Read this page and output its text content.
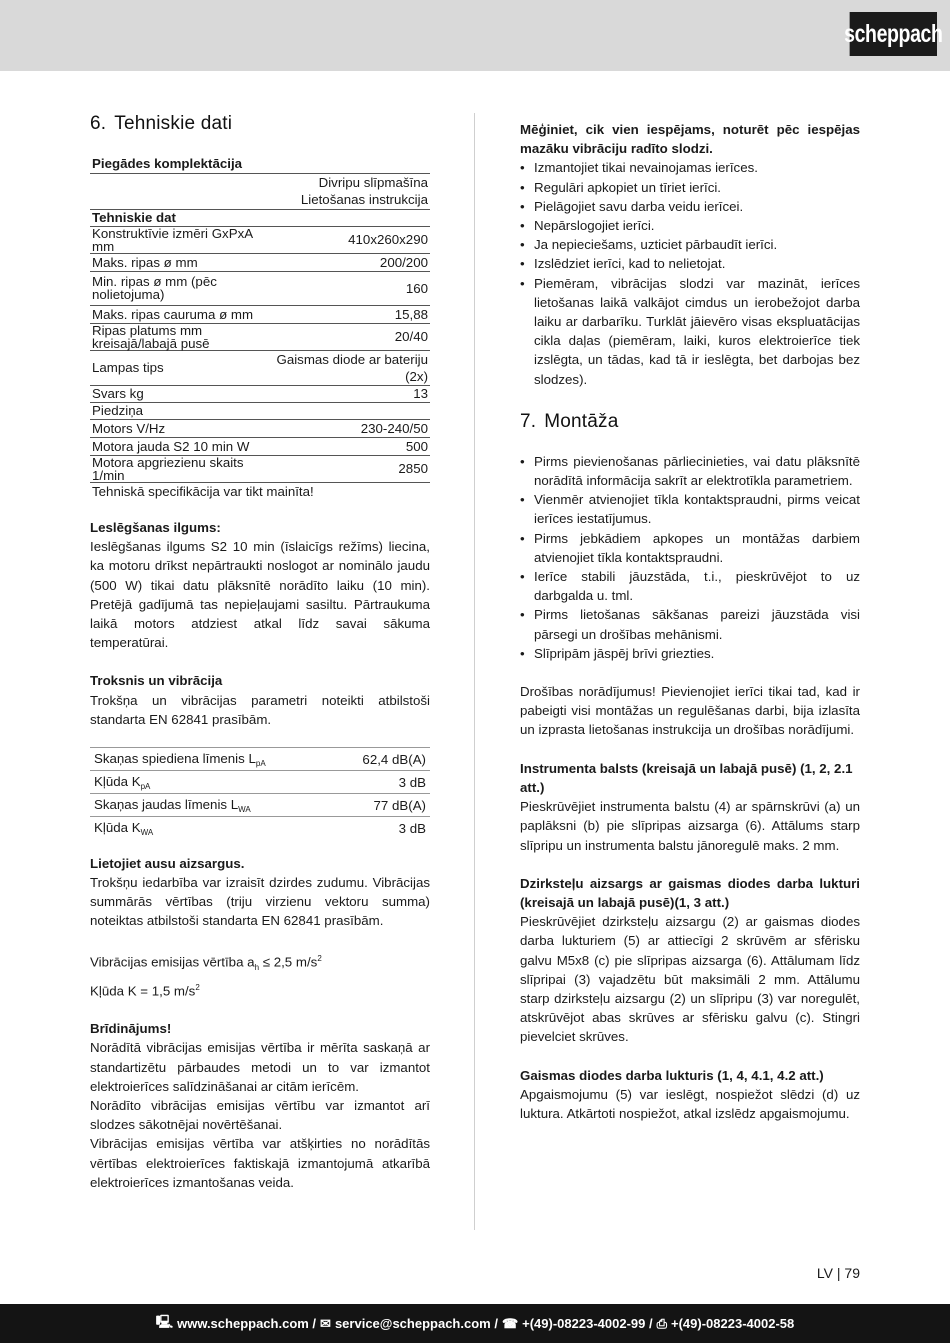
scheppach
6. Tehniskie dati
Piegādes komplektācija	
	Divripu slīpmašīna
	Lietošanas instrukcija
Tehniskie dat	
Konstruktīvie izmēri GxPxA mm	410x260x290
Maks. ripas ø mm	200/200
Min. ripas ø mm (pēc nolietojuma)	160
Maks. ripas cauruma ø mm	15,88
Ripas platums mm kreisajā/labajā pusē	20/40
Lampas tips	Gaismas diode ar bateriju (2x)
Svars kg	13
Piedziņa	
Motors V/Hz	230-240/50
Motora jauda S2 10 min W	500
Motora apgriezienu skaits 1/min	2850
Tehniskā specifikācija var tikt mainīta!	

Leslēgšanas ilgums:

Ieslēgšanas ilgums S2 10 min (īslaicīgs režīms) liecina, ka motoru drīkst nepārtraukti noslogot ar nominālo jaudu (500 W) tikai datu plāksnītē norādīto laiku (10 min). Pretējā gadījumā tas nepieļaujami sasiltu. Pārtraukuma laikā motors atdziest atkal līdz savai sākuma temperatūrai.

Troksnis un vibrācija

Trokšņa un vibrācijas parametri noteikti atbilstoši standarta EN 62841 prasībām.

Skaņas spiediena līmenis $L_{pA}$	62,4 dB(A)
Kļūda $K_{pA}$	3 dB
Skaņas jaudas līmenis $L_{WA}$	77 dB(A)
Kļūda $K_{WA}$	3 dB

Lietojiet ausu aizsargus.

Trokšņu iedarbība var izraisīt dzirdes zudumu. Vibrācijas summārās vērtības (triju virzienu vektoru summa) noteiktas atbilstoši standarta EN 62841 prasībām.

Vibrācijas emisijas vērtība $a_h \le 2,5$ $m/s^2$

Kļūda K = 1,5 $m/s^2$

Brīdinājums!

Norādītā vibrācijas emisijas vērtība ir mērīta saskaņā ar standartizētu pārbaudes metodi un to var izmantot elektroierīces salīdzināšanai ar citām ierīcēm.

Norādīto vibrācijas emisijas vērtību var izmantot arī slodzes sākotnējai novērtēšanai.

Vibrācijas emisijas vērtība var atšķirties no norādītās vērtības elektroierīces faktiskajā izmantojumā atkarībā elektroierīces izmantošanas veida.

Mēģiniet, cik vien iespējams, noturēt pēc iespējas mazāku vibrāciju radīto slodzi.

• Izmantojiet tikai nevainojamas ierīces.
• Regulāri apkopiet un tīriet ierīci.
• Pielāgojiet savu darba veidu ierīcei.
• Nepārslogojiet ierīci.
• Ja nepieciešams, uzticiet pārbaudīt ierīci.
• Izslēdziet ierīci, kad to nelietojat.
• Piemēram, vibrācijas slodzi var mazināt, ierīces lietošanas laikā valkājot cimdus un ierobežojot darba laiku ar darbarīku. Turklāt jāievēro visas ekspluatācijas cikla daļas (piemēram, laiki, kuros elektroierīce tiek izslēgta, un tādas, kad tā ir ieslēgta, bet darbojas bez slodzes).
7. Montāža
• Pirms pievienošanas pārliecinieties, vai datu plāksnītē norādītā informācija sakrīt ar elektrotīkla parametriem.
• Vienmēr atvienojiet tīkla kontaktspraudni, pirms veicat ierīces iestatījumus.
• Pirms jebkādiem apkopes un montāžas darbiem atvienojiet tīkla kontaktspraudni.
• Ierīce stabili jāuzstāda, t.i., pieskrūvējot to uz darbgalda u. tml.
• Pirms lietošanas sākšanas pareizi jāuzstāda visi pārsegi un drošības mehānismi.
• Slīpripām jāspēj brīvi griezties.

Drošības norādījumus! Pievienojiet ierīci tikai tad, kad ir pabeigti visi montāžas un regulēšanas darbi, bija izlasīta un izprasta lietošanas instrukcija un drošības norādījumi.

Instrumenta balsts (kreisajā un labajā pusē) (1, 2, 2.1 att.)

Pieskrūvējiet instrumenta balstu (4) ar spārnskrūvi (a) un paplāksni (b) pie slīpripas aizsarga (6). Attālums starp slīpripu un instrumenta balstu jānoregulē maks. 2 mm.

Dzirksteļu aizsargs ar gaismas diodes darba lukturi (kreisajā un labajā pusē)(1, 3 att.)

Pieskrūvējiet dzirksteļu aizsargu (2) ar gaismas diodes darba lukturiem (5) ar attiecīgi 2 skrūvēm ar sfērisku galvu M5x8 (c) pie slīpripas aizsarga (6). Attālumam līdz slīpripai (3) vajadzētu būt maksimāli 2 mm. Attālumu starp dzirksteļu aizsargu (2) un slīpripu (3) var noregulēt, atskrūvējot abas skrūves ar sfērisku galvu (c). Stingri pievelciet skrūves.

Gaismas diodes darba lukturis (1, 4, 4.1, 4.2 att.)

Apgaismojumu (5) var ieslēgt, nospiežot slēdzi (d) uz luktura. Atkārtoti nospiežot, atkal izslēdz apgaismojumu.

LV | 79
🖳 www.scheppach.com / ✉ service@scheppach.com / ☎ +(49)-08223-4002-99 / ⎙ +(49)-08223-4002-58
